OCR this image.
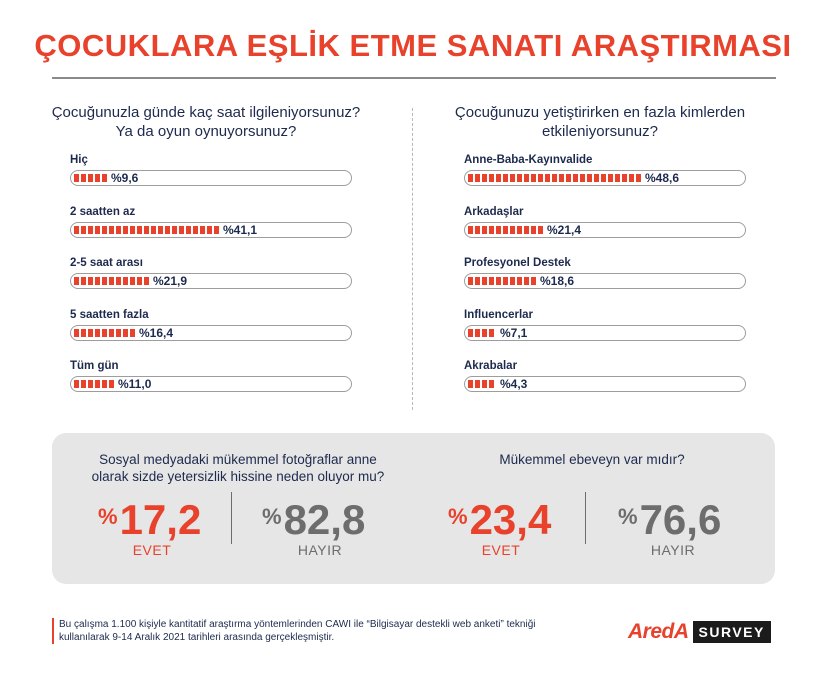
ÇOCUKLARA EŞLİK ETME SANATI ARAŞTIRMASI
Çocuğunuzla günde kaç saat ilgileniyorsunuz? Ya da oyun oynuyorsunuz?
Hiç
%9,6
2 saatten az
%41,1
2-5 saat arası
%21,9
5 saatten fazla
%16,4
Tüm gün
%11,0
Çocuğunuzu yetiştirirken en fazla kimlerden etkileniyorsunuz?
Anne-Baba-Kayınvalide
%48,6
Arkadaşlar
%21,4
Profesyonel Destek
%18,6
Influencerlar
%7,1
Akrabalar
%4,3
Sosyal medyadaki mükemmel fotoğraflar anne olarak sizde yetersizlik hissine neden oluyor mu?
%17,2
EVET
%82,8
HAYIR
Mükemmel ebeveyn var mıdır?
%23,4
EVET
%76,6
HAYIR
Bu çalışma 1.100 kişiyle kantitatif araştırma yöntemlerinden CAWI ile “Bilgisayar destekli web anketi” tekniği kullanılarak 9-14 Aralık 2021 tarihleri arasında gerçekleşmiştir.	AredA SURVEY
